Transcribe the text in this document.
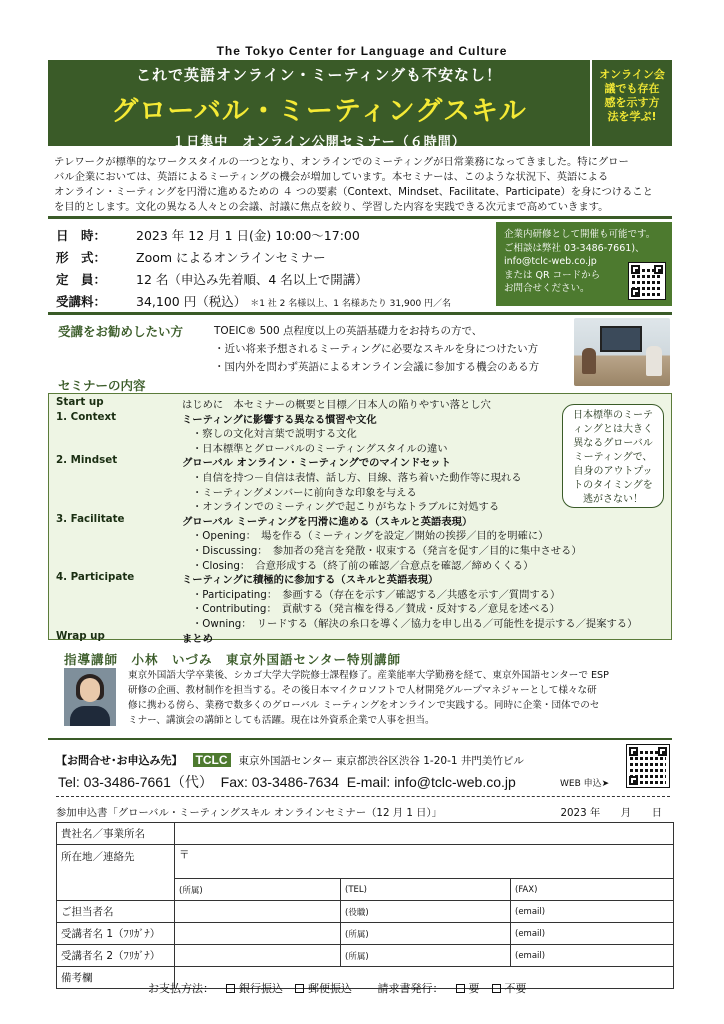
The Tokyo Center for Language and Culture
これで英語オンライン・ミーティングも不安なし！
グローバル・ミーティングスキル
１日集中　オンライン公開セミナー（６時間）
オンライン会
議でも存在
感を示す方
法を学ぶ!
テレワークが標準的なワークスタイルの一つとなり、オンラインでのミーティングが日常業務になってきました。特にグロー
バル企業においては、英語によるミーティングの機会が増加しています。本セミナーは、このような状況下、英語による
オンライン・ミーティングを円滑に進めるための ４ つの要素（Context、Mindset、Facilitate、Participate）を身につけること
を目的とします。文化の異なる人々との会議、討議に焦点を絞り、学習した内容を実践できる次元まで高めていきます。
日　時： 2023 年 12 月 1 日(金) 10:00～17:00
形　式： Zoom によるオンラインセミナー
定　員： 12 名（申込み先着順、4 名以上で開講）
受講料： 34,100 円（税込） ＊1 社 2 名様以上、1 名様あたり 31,900 円／名
企業内研修として開催も可能です。
ご相談は弊社 03-3486-7661)、
info@tclc-web.co.jp
または QR コードから
お問合せください。
受講をお勧めしたい方	TOEIC® 500 点程度以上の英語基礎力をお持ちの方で、
・近い将来予想されるミーティングに必要なスキルを身につけたい方
・国内外を問わず英語によるオンライン会議に参加する機会のある方
セミナーの内容
Start up	はじめに　本セミナーの概要と目標／日本人の陥りやすい落とし穴
1. Context	ミーティングに影響する異なる慣習や文化
・察しの文化対言葉で説明する文化
・日本標準とグローバルのミーティングスタイルの違い
2. Mindset	グローバル オンライン・ミーティングでのマインドセット
・自信を持つ－自信は表情、話し方、目線、落ち着いた動作等に現れる
・ミーティングメンバーに前向きな印象を与える
・オンラインでのミーティングで起こりがちなトラブルに対処する
3. Facilitate	グローバル ミーティングを円滑に進める（スキルと英語表現）
・Opening：　場を作る（ミーティングを設定／開始の挨拶／目的を明確に）
・Discussing：　参加者の発言を発散・収束する（発言を促す／目的に集中させる）
・Closing：　合意形成する（終了前の確認／合意点を確認／締めくくる）
4. Participate	ミーティングに積極的に参加する（スキルと英語表現）
・Participating：　参画する（存在を示す／確認する／共感を示す／質問する）
・Contributing：　貢献する（発言権を得る／賛成・反対する／意見を述べる）
・Owning：　リードする（解決の糸口を導く／協力を申し出る／可能性を提示する／提案する）
Wrap up	まとめ
日本標準のミーテ
ィングとは大きく
異なるグローバル
ミーティングで、
自身のアウトプッ
トのタイミングを
逃がさない！
指導講師　小林　いづみ　東京外国語センター特別講師
東京外国語大学卒業後、シカゴ大学大学院修士課程修了。産業能率大学勤務を経て、東京外国語センターで ESP
研修の企画、教材制作を担当する。その後日本マイクロソフトで人材開発グループマネジャーとして様々な研
修に携わる傍ら、業務で数多くのグローバル ミーティングをオンラインで実践する。同時に企業・団体でのセ
ミナー、講演会の講師としても活躍。現在は外資系企業で人事を担当。
【お問合せ･お申込み先】 TCLC 東京外国語センター 東京都渋谷区渋谷 1-20-1 井門美竹ビル
Tel: 03-3486-7661（代） Fax: 03-3486-7634 E-mail: info@tclc-web.co.jp	WEB 申込➤
参加申込書「グローバル・ミーティングスキル オンラインセミナー（12 月 1 日）」	2023 年　　月　　日
貴社名／事業所名			
所在地／連絡先	〒		
	(所属)	(TEL)	(FAX)
ご担当者名		(役職)	(email)
受講者名 1（ﾌﾘｶﾞﾅ）		(所属)	(email)
受講者名 2（ﾌﾘｶﾞﾅ）		(所属)	(email)
備考欄			
お支払方法： 銀行振込 郵便振込 請求書発行： 要 不要
